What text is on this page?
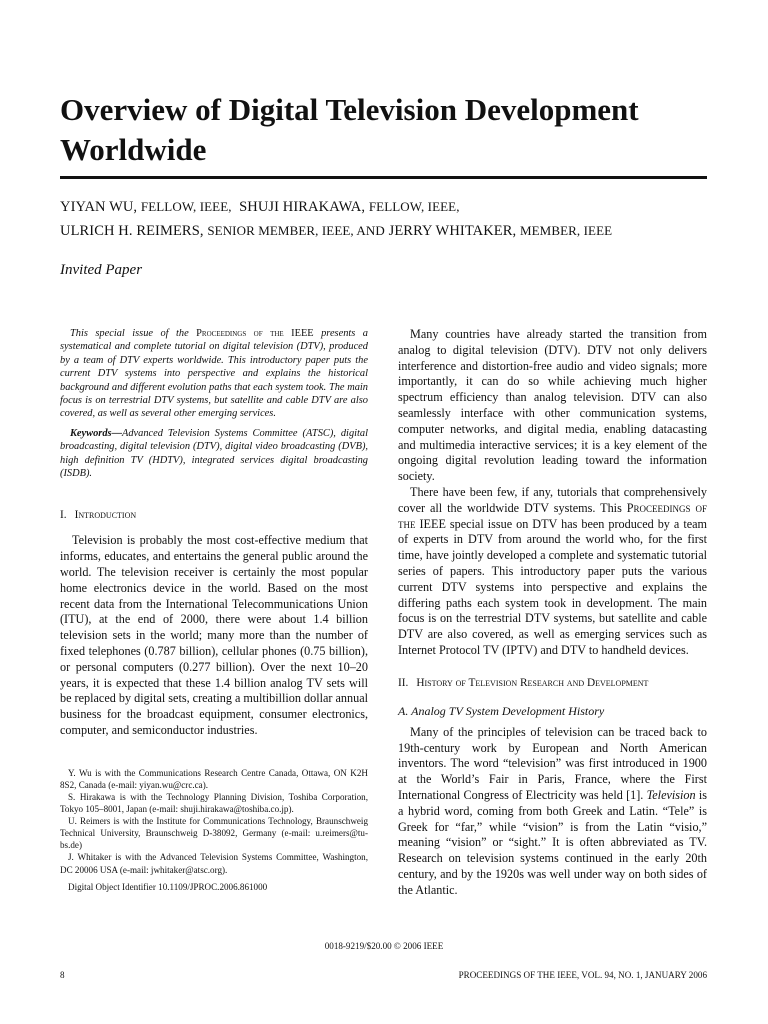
Overview of Digital Television Development Worldwide
YIYAN WU, FELLOW, IEEE, SHUJI HIRAKAWA, FELLOW, IEEE,
ULRICH H. REIMERS, SENIOR MEMBER, IEEE, AND JERRY WHITAKER, MEMBER, IEEE
Invited Paper

This special issue of the Proceedings of the IEEE presents a systematical and complete tutorial on digital television (DTV), produced by a team of DTV experts worldwide. This introductory paper puts the current DTV systems into perspective and explains the historical background and different evolution paths that each system took. The main focus is on terrestrial DTV systems, but satellite and cable DTV are also covered, as well as several other emerging services.

Keywords—Advanced Television Systems Committee (ATSC), digital broadcasting, digital television (DTV), digital video broadcasting (DVB), high definition TV (HDTV), integrated services digital broadcasting (ISDB).

I. Introduction

Television is probably the most cost-effective medium that informs, educates, and entertains the general public around the world. The television receiver is certainly the most popular home electronics device in the world. Based on the most recent data from the International Telecommunications Union (ITU), at the end of 2000, there were about 1.4 billion television sets in the world; many more than the number of fixed telephones (0.787 billion), cellular phones (0.75 billion), or personal computers (0.277 billion). Over the next 10–20 years, it is expected that these 1.4 billion analog TV sets will be replaced by digital sets, creating a multibillion dollar annual business for the broadcast equipment, consumer electronics, computer, and semiconductor industries.

Y. Wu is with the Communications Research Centre Canada, Ottawa, ON K2H 8S2, Canada (e-mail: yiyan.wu@crc.ca).

S. Hirakawa is with the Technology Planning Division, Toshiba Corporation, Tokyo 105–8001, Japan (e-mail: shuji.hirakawa@toshiba.co.jp).

U. Reimers is with the Institute for Communications Technology, Braunschweig Technical University, Braunschweig D-38092, Germany (e-mail: u.reimers@tu-bs.de)

J. Whitaker is with the Advanced Television Systems Committee, Washington, DC 20006 USA (e-mail: jwhitaker@atsc.org).

Digital Object Identifier 10.1109/JPROC.2006.861000

Many countries have already started the transition from analog to digital television (DTV). DTV not only delivers interference and distortion-free audio and video signals; more importantly, it can do so while achieving much higher spectrum efficiency than analog television. DTV can also seamlessly interface with other communication systems, computer networks, and digital media, enabling datacasting and multimedia interactive services; it is a key element of the ongoing digital revolution leading toward the information society.

There have been few, if any, tutorials that comprehensively cover all the worldwide DTV systems. This Proceedings of the IEEE special issue on DTV has been produced by a team of experts in DTV from around the world who, for the first time, have jointly developed a complete and systematic tutorial series of papers. This introductory paper puts the various current DTV systems into perspective and explains the differing paths each system took in development. The main focus is on the terrestrial DTV systems, but satellite and cable DTV are also covered, as well as emerging services such as Internet Protocol TV (IPTV) and DTV to handheld devices.

II. History of Television Research and Development

A. Analog TV System Development History

Many of the principles of television can be traced back to 19th-century work by European and North American inventors. The word “television” was first introduced in 1900 at the World’s Fair in Paris, France, where the First International Congress of Electricity was held [1]. Television is a hybrid word, coming from both Greek and Latin. “Tele” is Greek for “far,” while “vision” is from the Latin “visio,” meaning “vision” or “sight.” It is often abbreviated as TV. Research on television systems continued in the early 20th century, and by the 1920s was well under way on both sides of the Atlantic.

0018-9219/$20.00 © 2006 IEEE
8	PROCEEDINGS OF THE IEEE, VOL. 94, NO. 1, JANUARY 2006
